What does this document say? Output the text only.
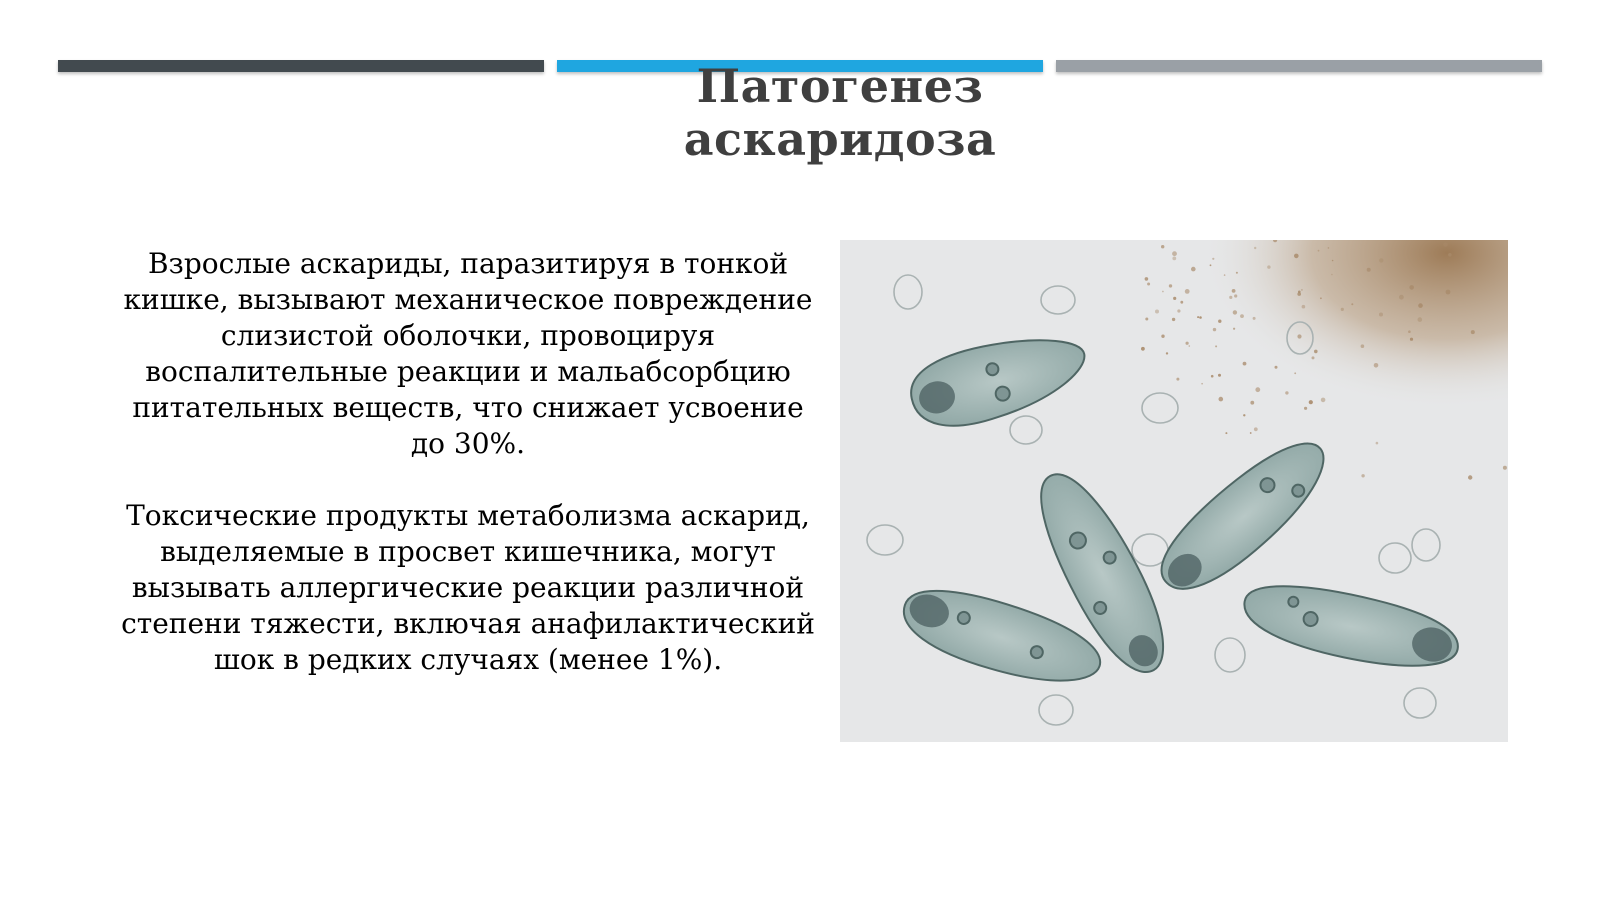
Патогенез аскаридоза

Взрослые аскариды, паразитируя в тонкой кишке, вызывают механическое повреждение слизистой оболочки, провоцируя воспалительные реакции и мальабсорбцию питательных веществ, что снижает усвоение до 30%.

Токсические продукты метаболизма аскарид, выделяемые в просвет кишечника, могут вызывать аллергические реакции различной степени тяжести, включая анафилактический шок в редких случаях (менее 1%).
